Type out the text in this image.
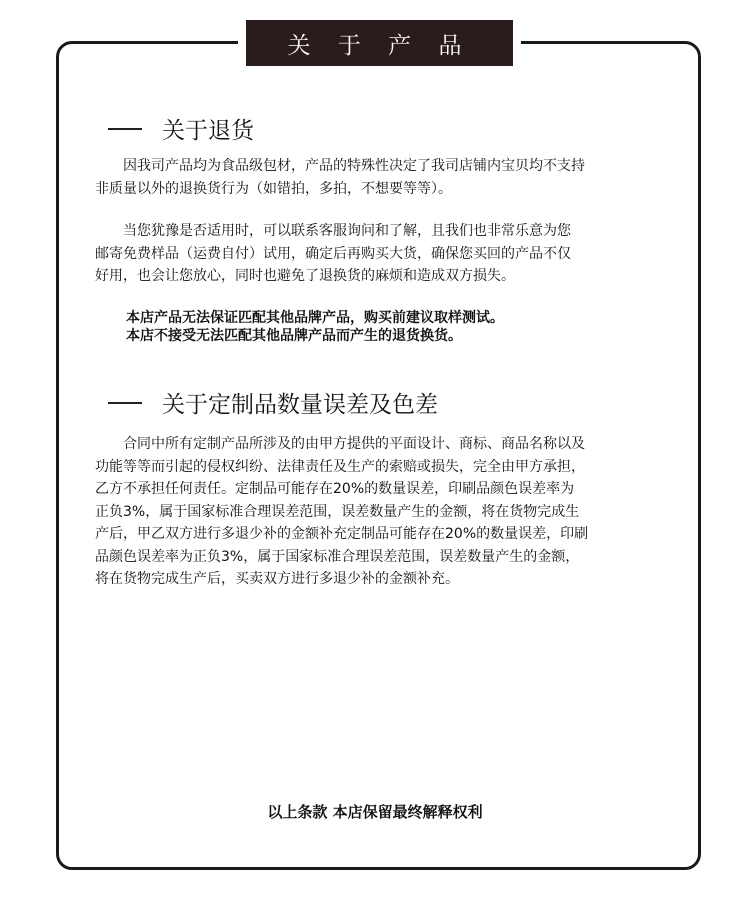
关 于 产 品
关于退货

　　因我司产品均为食品级包材，产品的特殊性决定了我司店铺内宝贝均不支持
非质量以外的退换货行为（如错拍，多拍，不想要等等）。

　　当您犹豫是否适用时，可以联系客服询问和了解，且我们也非常乐意为您
邮寄免费样品（运费自付）试用，确定后再购买大货，确保您买回的产品不仅
好用，也会让您放心，同时也避免了退换货的麻烦和造成双方损失。

本店产品无法保证匹配其他品牌产品，购买前建议取样测试。
本店不接受无法匹配其他品牌产品而产生的退货换货。
关于定制品数量误差及色差

　　合同中所有定制产品所涉及的由甲方提供的平面设计、商标、商品名称以及
功能等等而引起的侵权纠纷、法律责任及生产的索赔或损失，完全由甲方承担，
乙方不承担任何责任。定制品可能存在20%的数量误差，印刷品颜色误差率为
正负3%，属于国家标准合理误差范围，误差数量产生的金额，将在货物完成生
产后，甲乙双方进行多退少补的金额补充定制品可能存在20%的数量误差，印刷
品颜色误差率为正负3%，属于国家标准合理误差范围，误差数量产生的金额，
将在货物完成生产后，买卖双方进行多退少补的金额补充。

以上条款 本店保留最终解释权利
